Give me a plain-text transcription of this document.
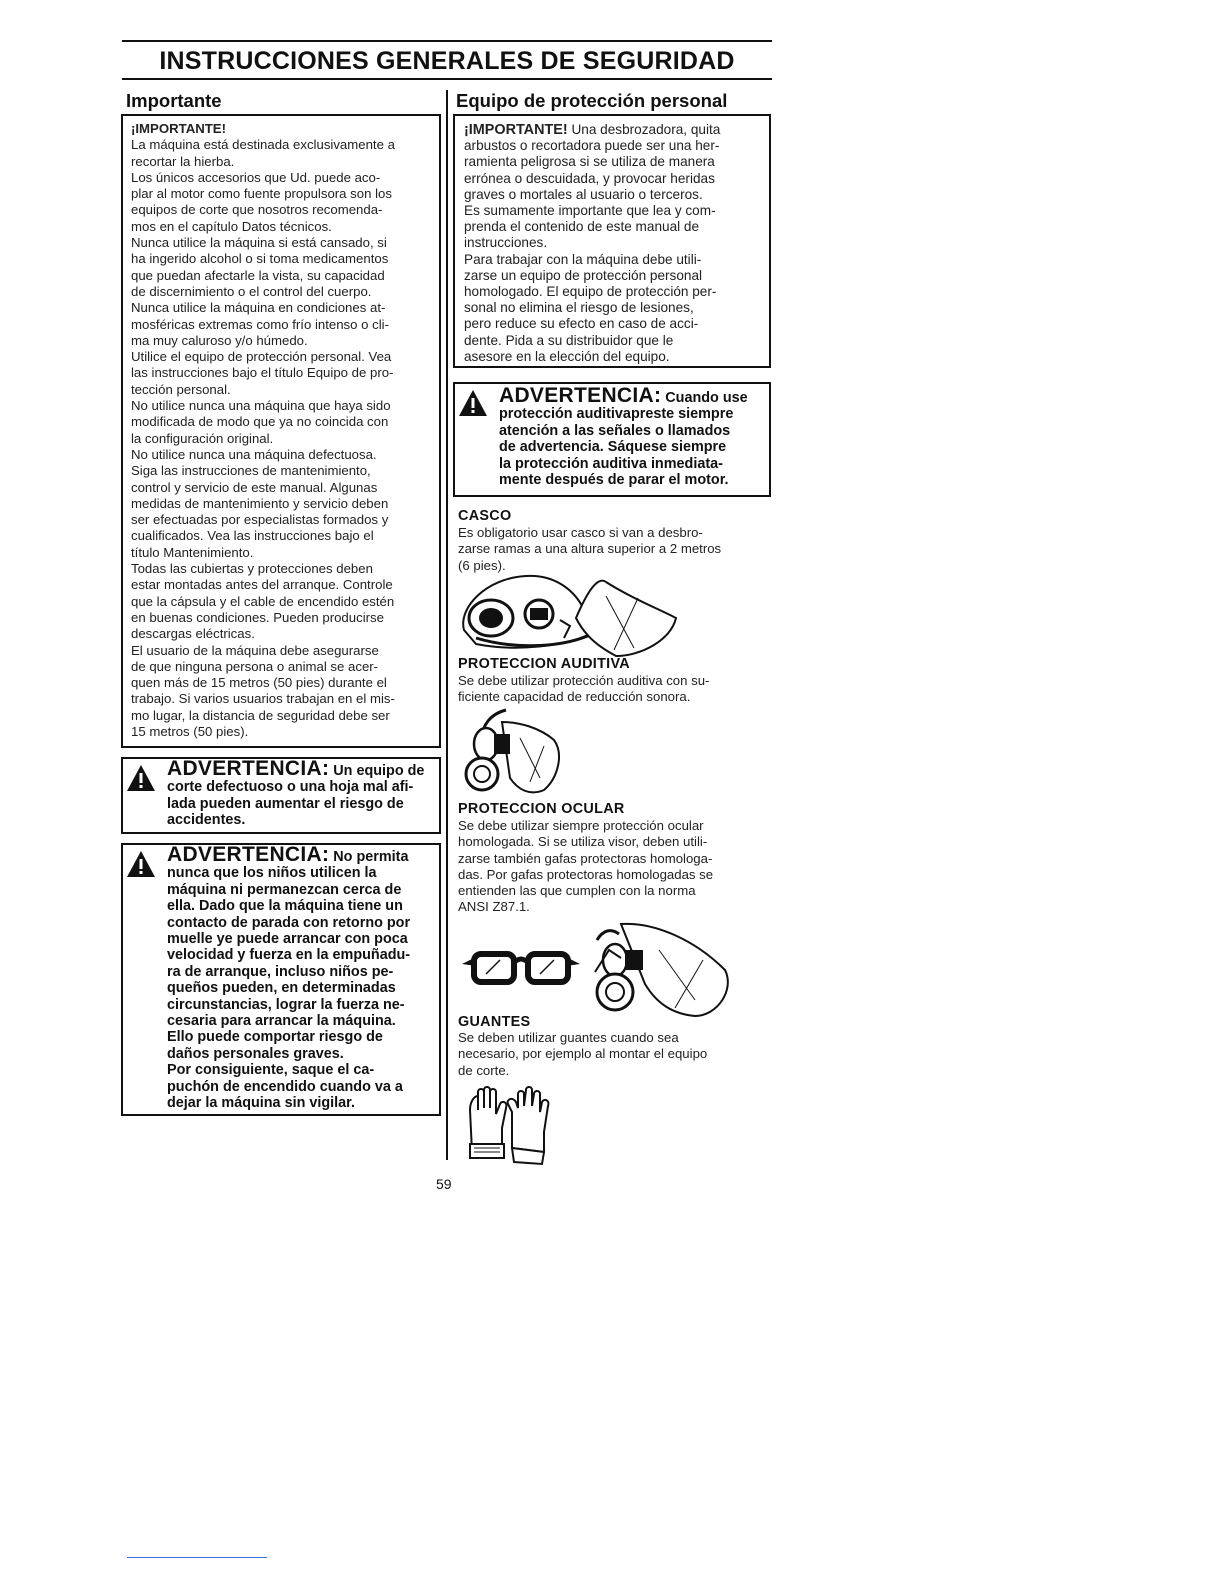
INSTRUCCIONES GENERALES DE SEGURIDAD
Importante

¡IMPORTANTE!

La máquina está destinada exclusivamente a
recortar la hierba.
Los únicos accesorios que Ud. puede aco-
plar al motor como fuente propulsora son los
equipos de corte que nosotros recomenda-
mos en el capítulo Datos técnicos.
Nunca utilice la máquina si está cansado, si
ha ingerido alcohol o si toma medicamentos
que puedan afectarle la vista, su capacidad
de discernimiento o el control del cuerpo.
Nunca utilice la máquina en condiciones at-
mosféricas extremas como frío intenso o cli-
ma muy caluroso y/o húmedo.
Utilice el equipo de protección personal. Vea
las instrucciones bajo el título Equipo de pro-
tección personal.
No utilice nunca una máquina que haya sido
modificada de modo que ya no coincida con
la configuración original.
No utilice nunca una máquina defectuosa.
Siga las instrucciones de mantenimiento,
control y servicio de este manual. Algunas
medidas de mantenimiento y servicio deben
ser efectuadas por especialistas formados y
cualificados. Vea las instrucciones bajo el
título Mantenimiento.
Todas las cubiertas y protecciones deben
estar montadas antes del arranque. Controle
que la cápsula y el cable de encendido estén
en buenas condiciones. Pueden producirse
descargas eléctricas.
El usuario de la máquina debe asegurarse
de que ninguna persona o animal se acer-
quen más de 15 metros (50 pies) durante el
trabajo. Si varios usuarios trabajan en el mis-
mo lugar, la distancia de seguridad debe ser
15 metros (50 pies).
ADVERTENCIA: Un equipo de
corte defectuoso o una hoja mal afi-
lada pueden aumentar el riesgo de
accidentes.
ADVERTENCIA: No permita
nunca que los niños utilicen la
máquina ni permanezcan cerca de
ella. Dado que la máquina tiene un
contacto de parada con retorno por
muelle ye puede arrancar con poca
velocidad y fuerza en la empuñadu-
ra de arranque, incluso niños pe-
queños pueden, en determinadas
circunstancias, lograr la fuerza ne-
cesaria para arrancar la máquina.
Ello puede comportar riesgo de
daños personales graves.
Por consiguiente, saque el ca-
puchón de encendido cuando va a
dejar la máquina sin vigilar.
Equipo de protección personal

¡IMPORTANTE! Una desbrozadora, quita

arbustos o recortadora puede ser una her-
ramienta peligrosa si se utiliza de manera
errónea o descuidada, y provocar heridas
graves o mortales al usuario o terceros.
Es sumamente importante que lea y com-
prenda el contenido de este manual de
instrucciones.
Para trabajar con la máquina debe utili-
zarse un equipo de protección personal
homologado. El equipo de protección per-
sonal no elimina el riesgo de lesiones,
pero reduce su efecto en caso de acci-
dente. Pida a su distribuidor que le
asesore en la elección del equipo.
ADVERTENCIA: Cuando use
protección auditivapreste siempre
atención a las señales o llamados
de advertencia. Sáquese siempre
la protección auditiva inmediata-
mente después de parar el motor.
CASCO
Es obligatorio usar casco si van a desbro-
zarse ramas a una altura superior a 2 metros
(6 pies).
PROTECCION AUDITIVA
Se debe utilizar protección auditiva con su-
ficiente capacidad de reducción sonora.
PROTECCION OCULAR
Se debe utilizar siempre protección ocular
homologada. Si se utiliza visor, deben utili-
zarse también gafas protectoras homologa-
das. Por gafas protectoras homologadas se
entienden las que cumplen con la norma
ANSI Z87.1.
GUANTES
Se deben utilizar guantes cuando sea
necesario, por ejemplo al montar el equipo
de corte.
59
